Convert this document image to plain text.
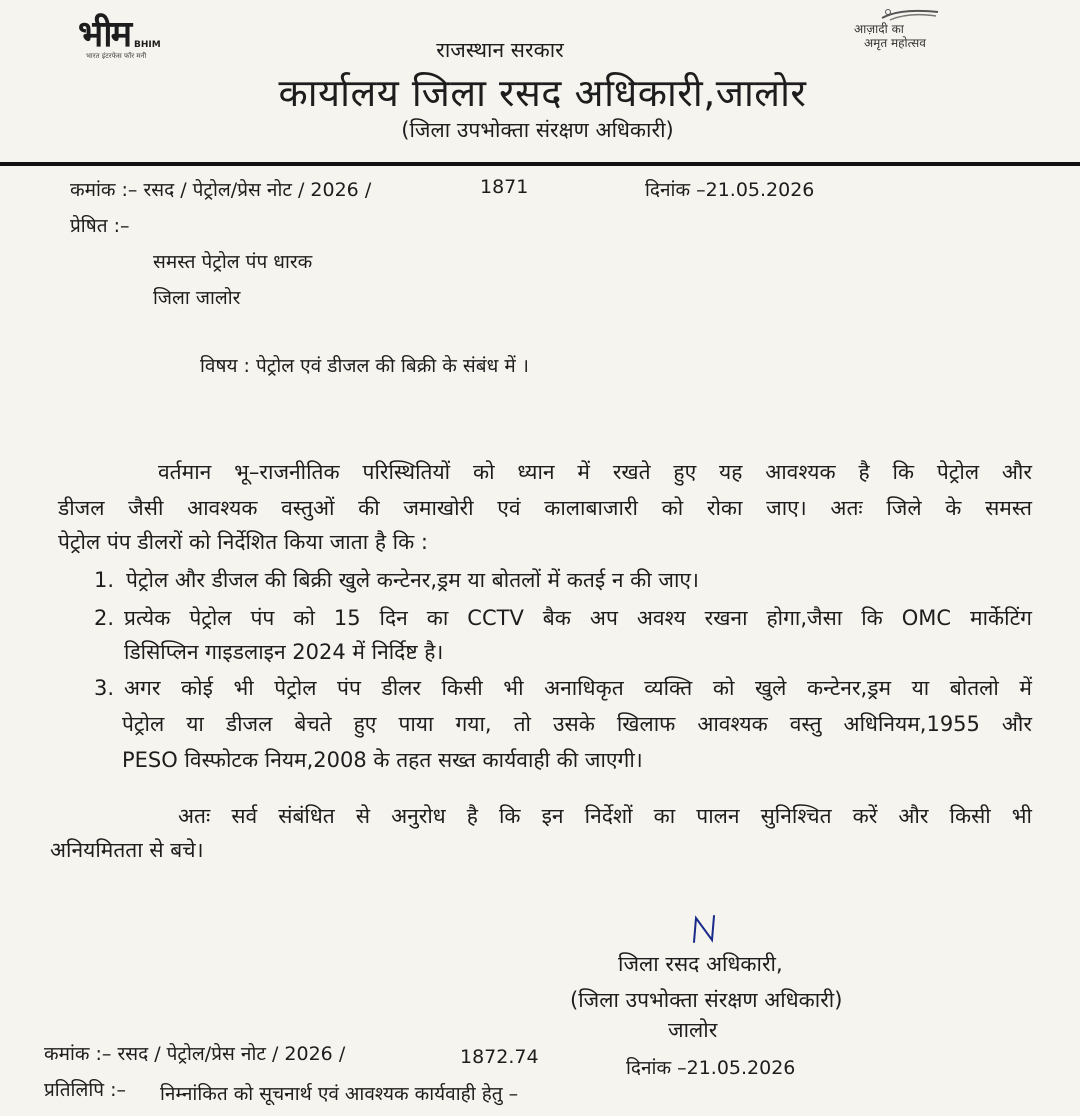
भीम BHIM
भारत इंटरफेस फॉर मनी
आज़ादी का
अमृत महोत्सव
राजस्थान सरकार
कार्यालय जिला रसद अधिकारी,जालोर
(जिला उपभोक्ता संरक्षण अधिकारी)
कमांक :– रसद / पेट्रोल/प्रेस नोट / 2026 /	1871	दिनांक –21.05.2026
प्रेषित :–
समस्त पेट्रोल पंप धारक
जिला जालोर
विषय : पेट्रोल एवं डीजल की बिक्री के संबंध में ।
वर्तमान भू–राजनीतिक परिस्थितियों को ध्यान में रखते हुए यह आवश्यक है कि पेट्रोल और
डीजल जैसी आवश्यक वस्तुओं की जमाखोरी एवं कालाबाजारी को रोका जाए। अतः जिले के समस्त
पेट्रोल पंप डीलरों को निर्देशित किया जाता है कि :
1. पेट्रोल और डीजल की बिक्री खुले कन्टेनर,ड्रम या बोतलों में कतई न की जाए।
2. प्रत्येक पेट्रोल पंप को 15 दिन का CCTV बैक अप अवश्य रखना होगा,जैसा कि OMC मार्केटिंग
डिसिप्लिन गाइडलाइन 2024 में निर्दिष्ट है।
3. अगर कोई भी पेट्रोल पंप डीलर किसी भी अनाधिकृत व्यक्ति को खुले कन्टेनर,ड्रम या बोतलो में
पेट्रोल या डीजल बेचते हुए पाया गया, तो उसके खिलाफ आवश्यक वस्तु अधिनियम,1955 और
PESO विस्फोटक नियम,2008 के तहत सख्त कार्यवाही की जाएगी।
अतः सर्व संबंधित से अनुरोध है कि इन निर्देशों का पालन सुनिश्चित करें और किसी भी
अनियमितता से बचे।
जिला रसद अधिकारी,
(जिला उपभोक्ता संरक्षण अधिकारी)
जालोर
कमांक :– रसद / पेट्रोल/प्रेस नोट / 2026 /	1872.74	दिनांक –21.05.2026
प्रतिलिपि :– निम्नांकित को सूचनार्थ एवं आवश्यक कार्यवाही हेतु –
